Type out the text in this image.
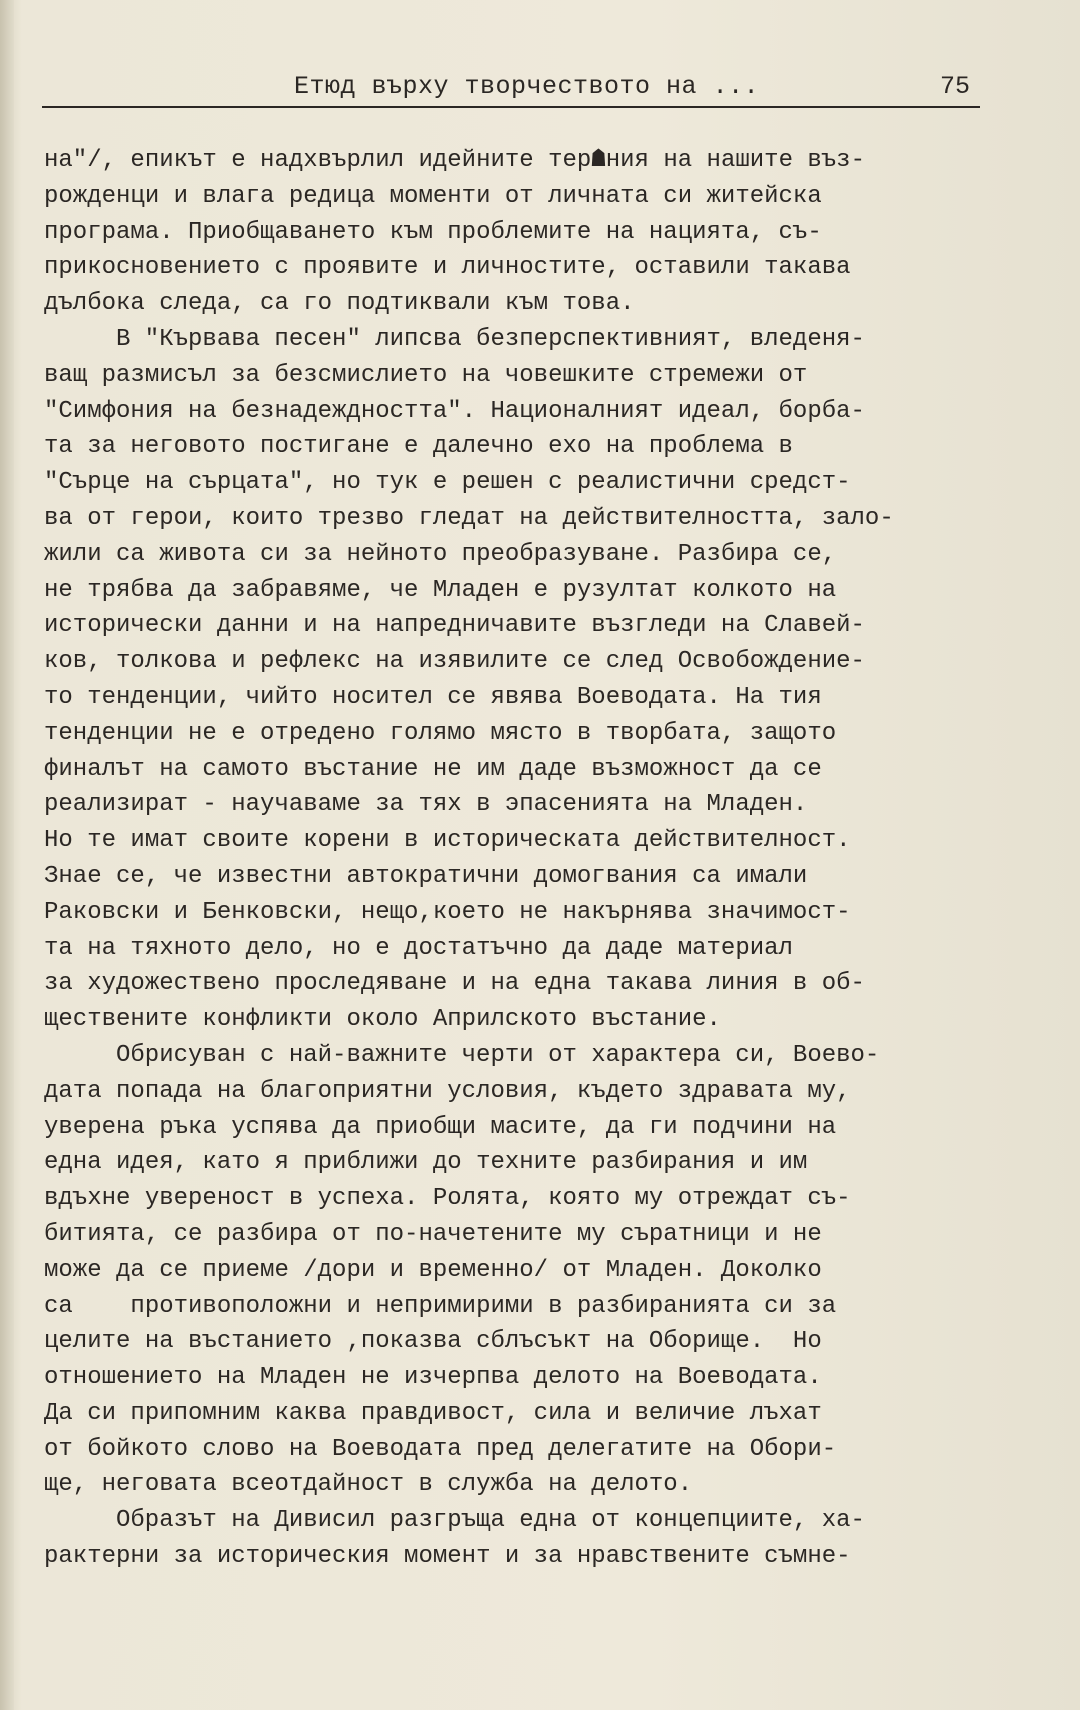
Етюд върху творчеството на ...	75
на"/, епикът е надхвърлил идейните тер☗ния на нашите въз-
рожденци и влага редица моменти от личната си житейска
програма. Приобщаването към проблемите на нацията, съ-
прикосновението с проявите и личностите, оставили такава
дълбока следа, са го подтиквали към това.
В "Кървава песен" липсва безперспективният, вледеня-
ващ размисъл за безсмислието на човешките стремежи от
"Симфония на безнадеждността". Националният идеал, борба-
та за неговото постигане е далечно ехо на проблема в
"Сърце на сърцата", но тук е решен с реалистични средст-
ва от герои, които трезво гледат на действителността, зало-
жили са живота си за нейното преобразуване. Разбира се,
не трябва да забравяме, че Младен е рузултат колкото на
исторически данни и на напредничавите възгледи на Славей-
ков, толкова и рефлекс на изявилите се след Освобождение-
то тенденции, чийто носител се явява Воеводата. На тия
тенденции не е отредено голямо място в творбата, защото
финалът на самото въстание не им даде възможност да се
реализират - научаваме за тях в эпасенията на Младен.
Но те имат своите корени в историческата действителност.
Знае се, че известни автократични домогвания са имали
Раковски и Бенковски, нещо,което не накърнява значимост-
та на тяхното дело, но е достатъчно да даде материал
за художествено проследяване и на една такава линия в об-
ществените конфликти около Априлското въстание.
Обрисуван с най-важните черти от характера си, Воево-
дата попада на благоприятни условия, където здравата му,
уверена ръка успява да приобщи масите, да ги подчини на
една идея, като я приближи до техните разбирания и им
вдъхне увереност в успеха. Ролята, която му отреждат съ-
битията, се разбира от по-начетените му съратници и не
може да се приеме /дори и временно/ от Младен. Доколко
са    противоположни и непримирими в разбиранията си за
целите на въстанието ,показва сблъсъкт на Оборище.  Но
отношението на Младен не изчерпва делото на Воеводата.
Да си припомним каква правдивост, сила и величие лъхат
от бойкото слово на Воеводата пред делегатите на Обори-
ще, неговата всеотдайност в служба на делото.
Образът на Дивисил разгръща една от концепциите, ха-
рактерни за историческия момент и за нравствените съмне-
